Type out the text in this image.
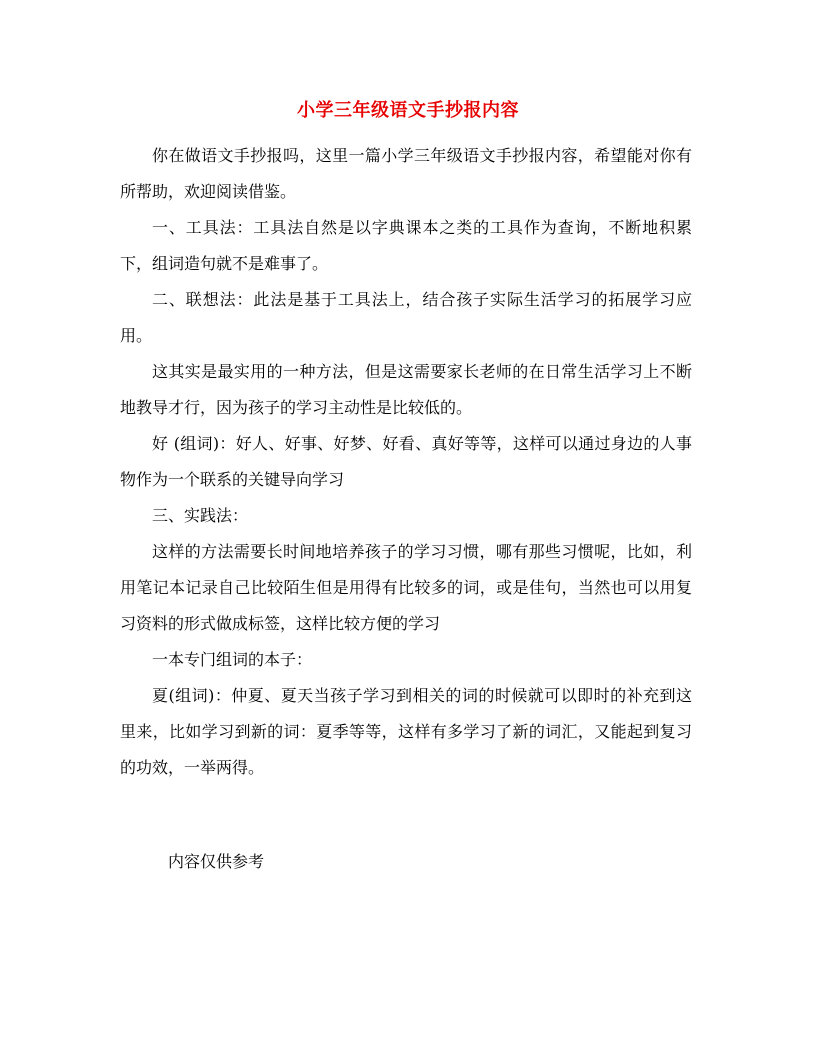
小学三年级语文手抄报内容

你在做语文手抄报吗，这里一篇小学三年级语文手抄报内容，希望能对你有所帮助，欢迎阅读借鉴。

一、工具法：工具法自然是以字典课本之类的工具作为查询，不断地积累下，组词造句就不是难事了。

二、联想法：此法是基于工具法上，结合孩子实际生活学习的拓展学习应用。

这其实是最实用的一种方法，但是这需要家长老师的在日常生活学习上不断地教导才行，因为孩子的学习主动性是比较低的。

好 (组词)：好人、好事、好梦、好看、真好等等，这样可以通过身边的人事物作为一个联系的关键导向学习

三、实践法：

这样的方法需要长时间地培养孩子的学习习惯，哪有那些习惯呢，比如，利用笔记本记录自己比较陌生但是用得有比较多的词，或是佳句，当然也可以用复习资料的形式做成标签，这样比较方便的学习

一本专门组词的本子：

夏(组词)：仲夏、夏天当孩子学习到相关的词的时候就可以即时的补充到这里来，比如学习到新的词：夏季等等，这样有多学习了新的词汇，又能起到复习的功效，一举两得。

内容仅供参考
